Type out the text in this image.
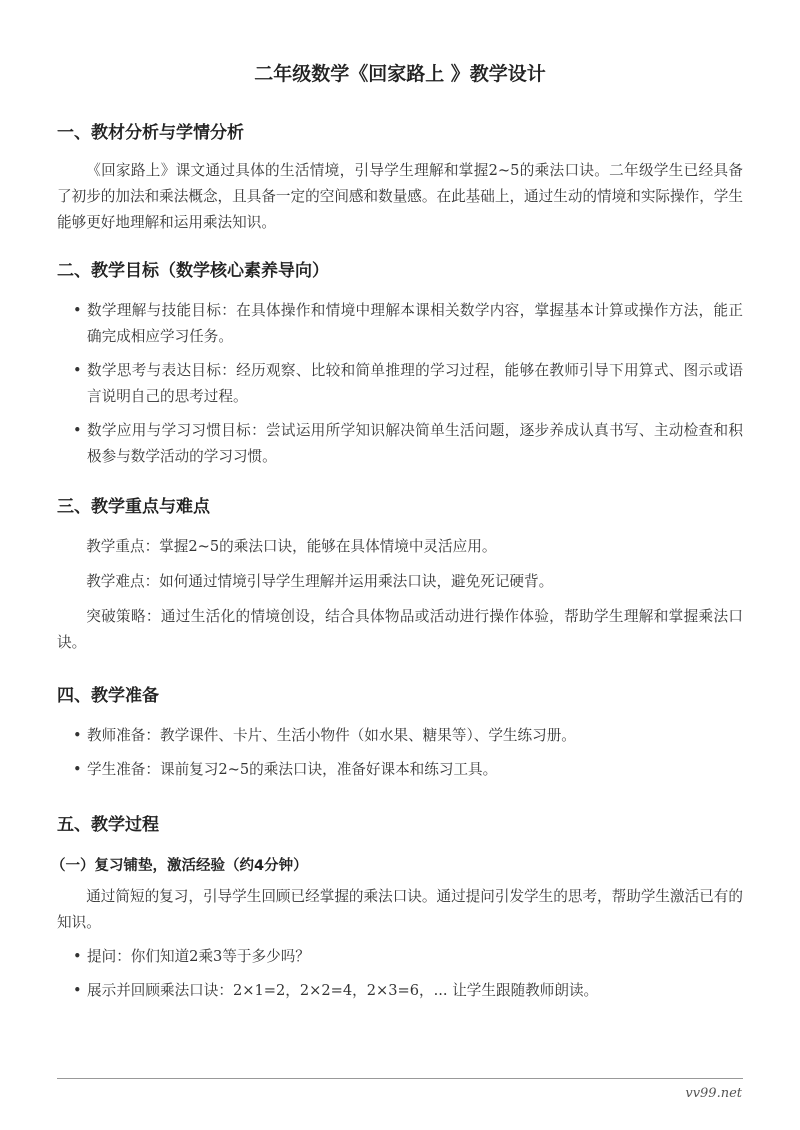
vv99.net
二年级数学《回家路上 》教学设计
一、教材分析与学情分析

《回家路上》课文通过具体的生活情境，引导学生理解和掌握2~5的乘法口诀。二年级学生已经具备了初步的加法和乘法概念，且具备一定的空间感和数量感。在此基础上，通过生动的情境和实际操作，学生能够更好地理解和运用乘法知识。

二、教学目标（数学核心素养导向）
• 数学理解与技能目标：在具体操作和情境中理解本课相关数学内容，掌握基本计算或操作方法，能正确完成相应学习任务。
• 数学思考与表达目标：经历观察、比较和简单推理的学习过程，能够在教师引导下用算式、图示或语言说明自己的思考过程。
• 数学应用与学习习惯目标：尝试运用所学知识解决简单生活问题，逐步养成认真书写、主动检查和积极参与数学活动的学习习惯。
三、教学重点与难点

教学重点：掌握2~5的乘法口诀，能够在具体情境中灵活应用。

教学难点：如何通过情境引导学生理解并运用乘法口诀，避免死记硬背。

突破策略：通过生活化的情境创设，结合具体物品或活动进行操作体验，帮助学生理解和掌握乘法口诀。

四、教学准备
• 教师准备：教学课件、卡片、生活小物件（如水果、糖果等）、学生练习册。
• 学生准备：课前复习2~5的乘法口诀，准备好课本和练习工具。
五、教学过程
（一）复习铺垫，激活经验（约4分钟）

通过简短的复习，引导学生回顾已经掌握的乘法口诀。通过提问引发学生的思考，帮助学生激活已有的知识。

• 提问：你们知道2乘3等于多少吗？
• 展示并回顾乘法口诀：2×1=2，2×2=4，2×3=6，... 让学生跟随教师朗读。
vv99.net
